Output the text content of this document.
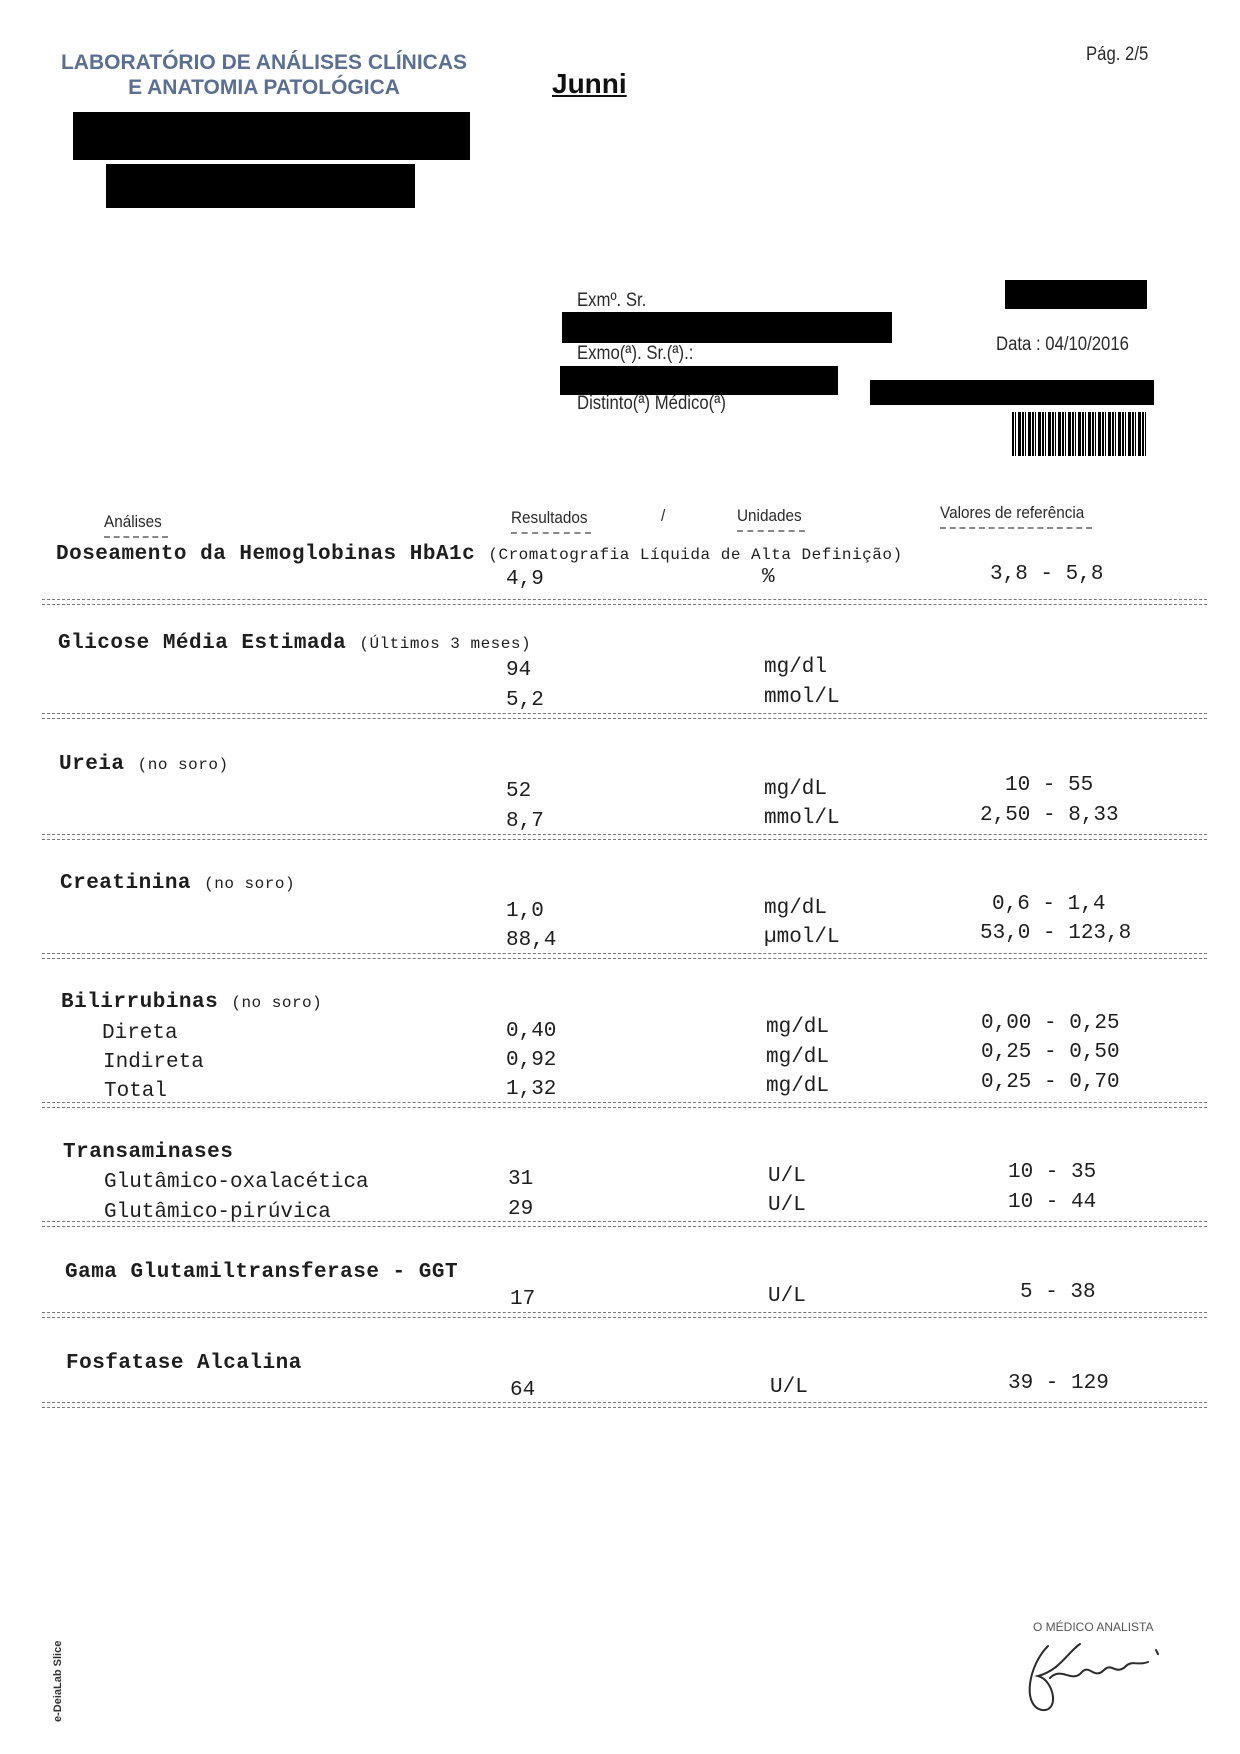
LABORATÓRIO DE ANÁLISES CLÍNICAS
E ANATOMIA PATOLÓGICA	Junni
Pág. 2/5
Exmº. Sr.
Exmo(ª). Sr.(ª).:
Distinto(ª) Médico(ª)
Data : 04/10/2016
Análises	Resultados	/	Unidades	Valores de referência
Doseamento da Hemoglobinas HbA1c (Cromatografia Líquida de Alta Definição)
4,9	%	3,8 - 5,8
Glicose Média Estimada (Últimos 3 meses)
94	mg/dl
5,2	mmol/L
Ureia (no soro)
52	mg/dL	10 - 55
8,7	mmol/L	2,50 - 8,33
Creatinina (no soro)
1,0	mg/dL	0,6 - 1,4
88,4	µmol/L	53,0 - 123,8
Bilirrubinas (no soro)
Direta	0,40	mg/dL	0,00 - 0,25
Indireta	0,92	mg/dL	0,25 - 0,50
Total	1,32	mg/dL	0,25 - 0,70
Transaminases
Glutâmico-oxalacética	31	U/L	10 - 35
Glutâmico-pirúvica	29	U/L	10 - 44
Gama Glutamiltransferase - GGT
17	U/L	5 - 38
Fosfatase Alcalina
64	U/L	39 - 129
O MÉDICO ANALISTA
e-DeiaLab Slice
